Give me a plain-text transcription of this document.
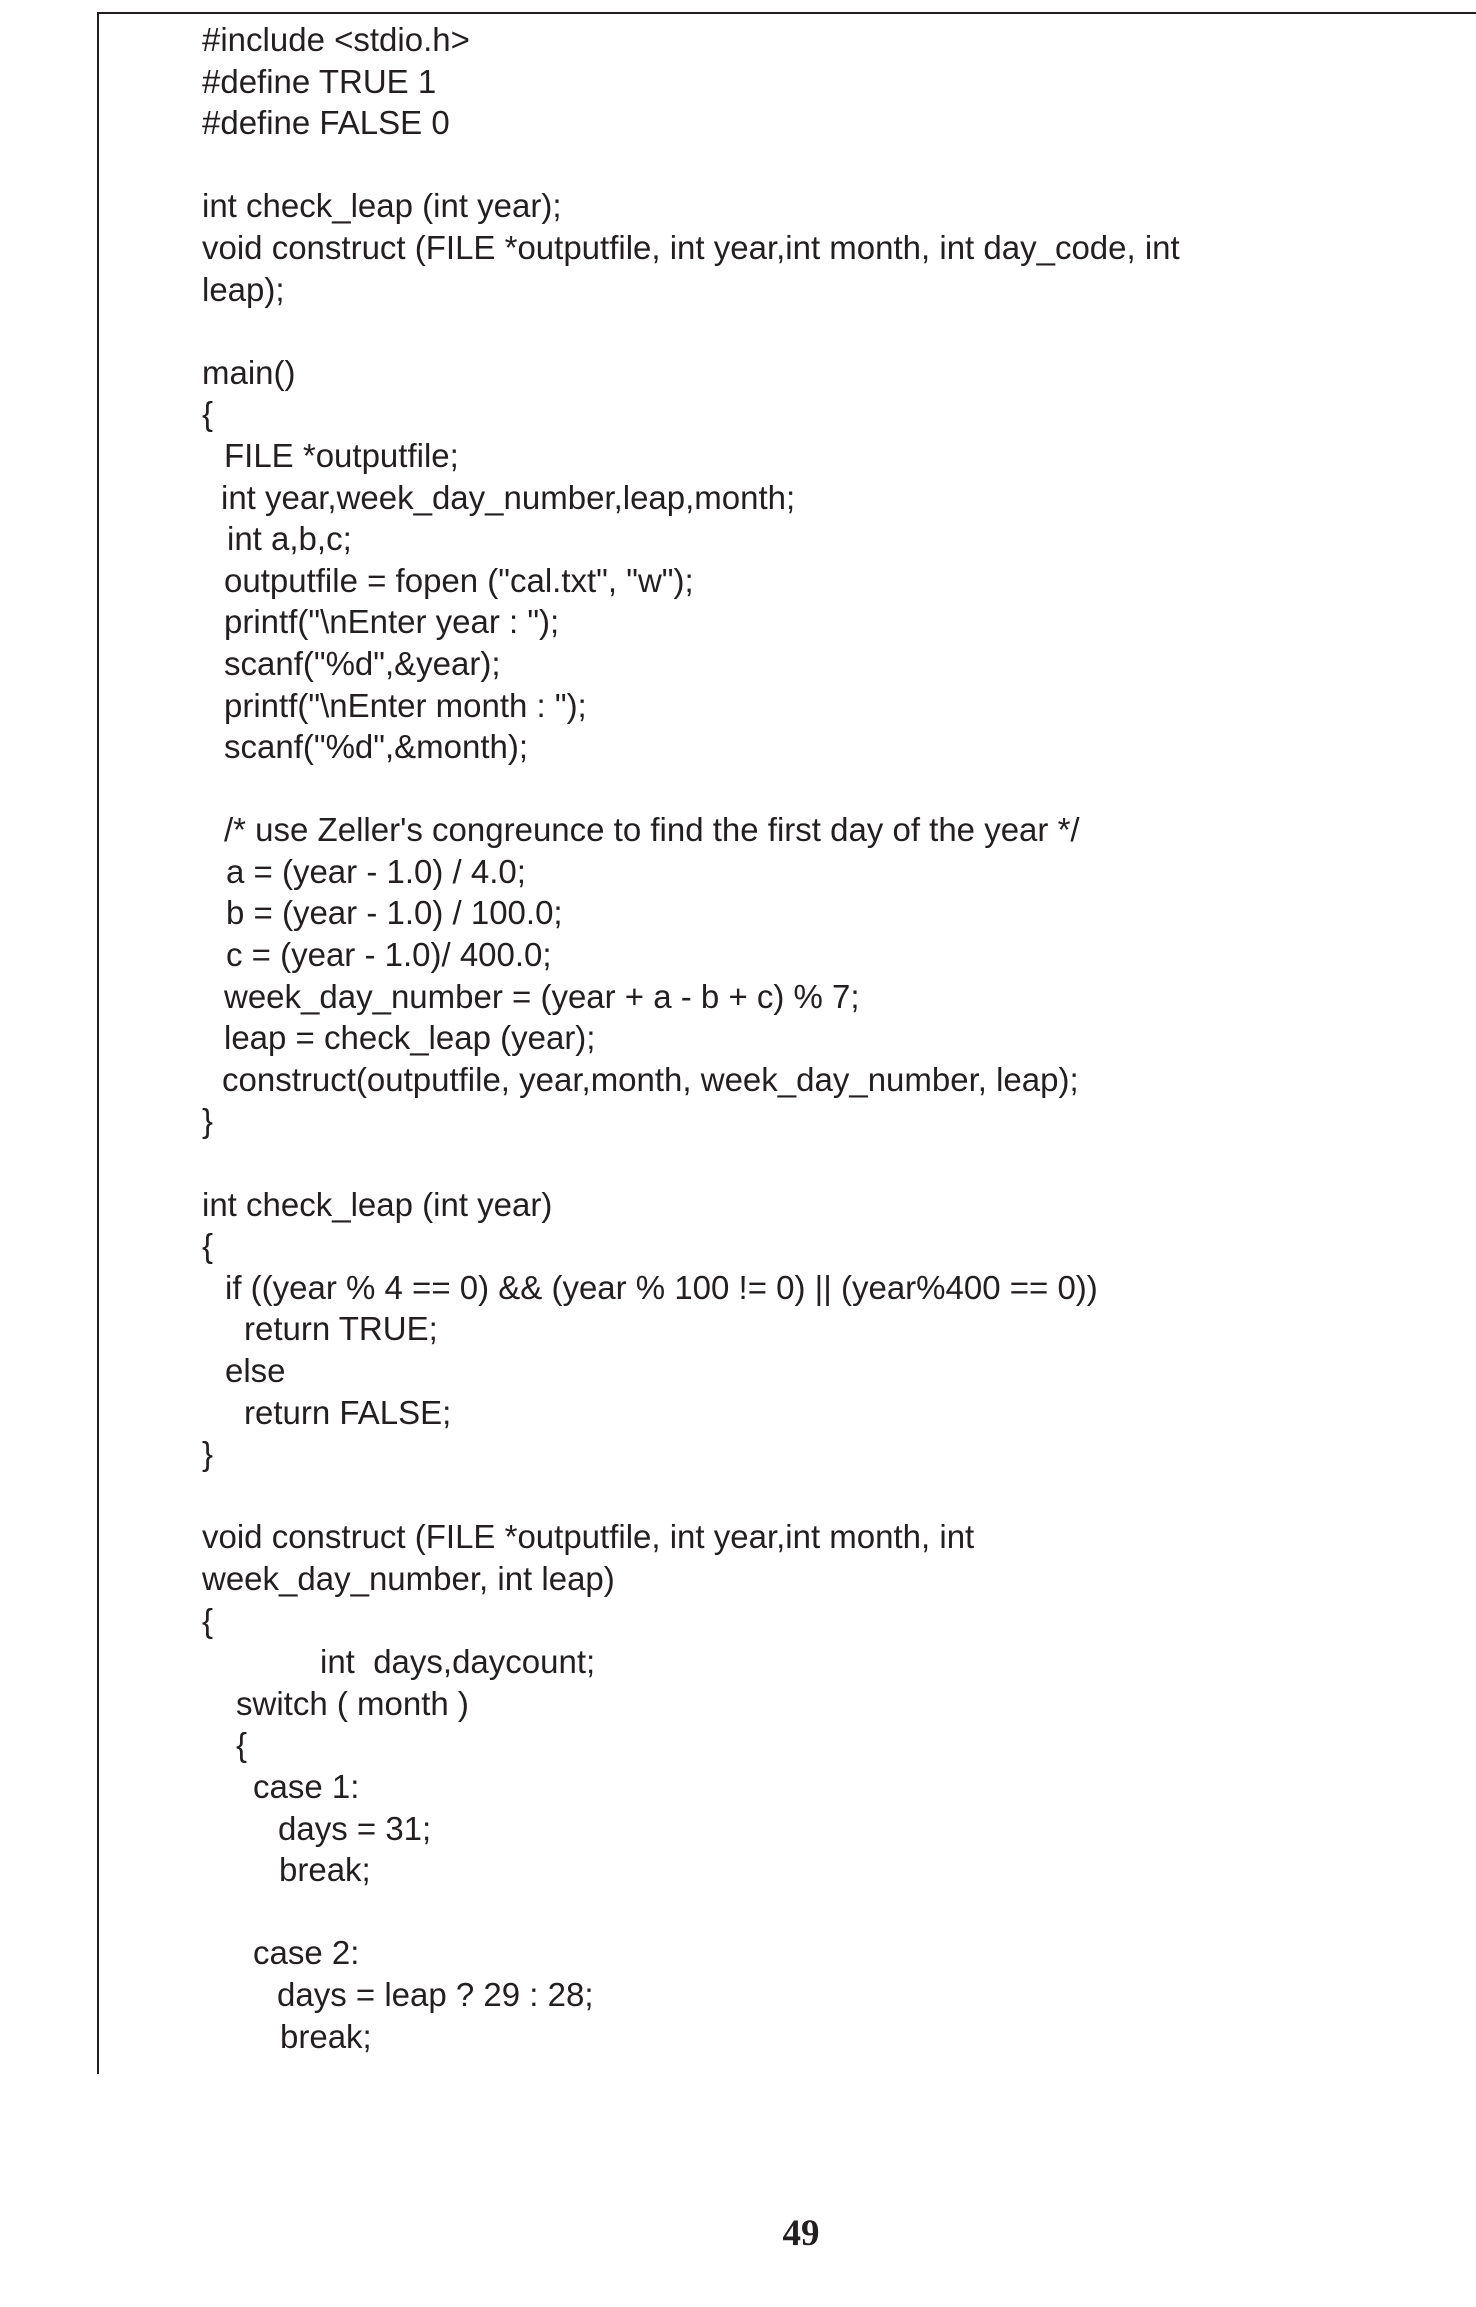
#include <stdio.h>
#define TRUE 1
#define FALSE 0
int check_leap (int year);
void construct (FILE *outputfile, int year,int month, int day_code, int
leap);
main()
{
FILE *outputfile;
int year,week_day_number,leap,month;
int a,b,c;
outputfile = fopen ("cal.txt", "w");
printf("\nEnter year : ");
scanf("%d",&year);
printf("\nEnter month : ");
scanf("%d",&month);
/* use Zeller's congreunce to find the first day of the year */
a = (year - 1.0) / 4.0;
b = (year - 1.0) / 100.0;
c = (year - 1.0)/ 400.0;
week_day_number = (year + a - b + c) % 7;
leap = check_leap (year);
construct(outputfile, year,month, week_day_number, leap);
}
int check_leap (int year)
{
if ((year % 4 == 0) && (year % 100 != 0) || (year%400 == 0))
return TRUE;
else
return FALSE;
}
void construct (FILE *outputfile, int year,int month, int
week_day_number, int leap)
{
int  days,daycount;
switch ( month )
{
case 1:
days = 31;
break;
case 2:
days = leap ? 29 : 28;
break;
49
